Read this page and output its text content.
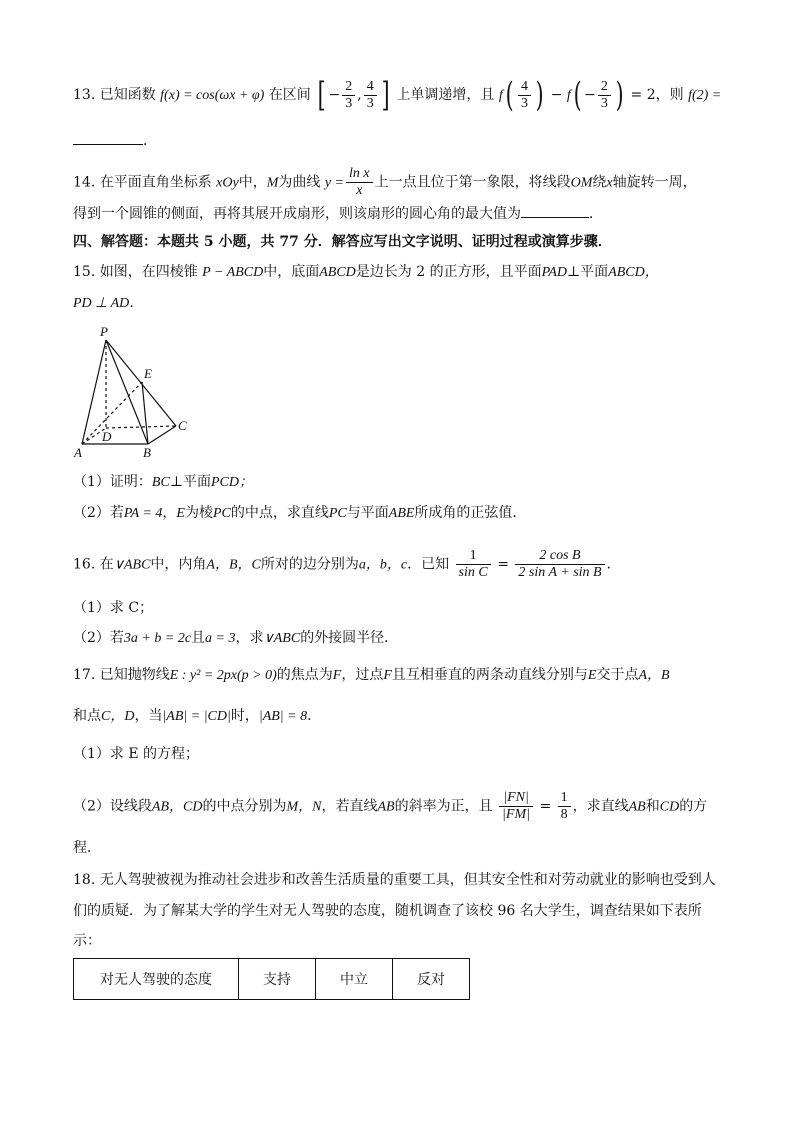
13. 已知函数 f(x) = cos(ωx + φ) 在区间 [ − $\frac{2}{3}$ , $\frac{4}{3}$ ] 上单调递增，且 $f( \frac{4}{3}$ ) − $f( - \frac{2}{3}$ ) = 2，则 f(2) =
．
14. 在平面直角坐标系 xOy中，M为曲线 $y = \frac{\text{ln x}}{x}$ 上一点且位于第一象限，将线段OM绕x轴旋转一周，
得到一个圆锥的侧面，再将其展开成扇形，则该扇形的圆心角的最大值为	．
四、解答题：本题共 5 小题，共 77 分．解答应写出文字说明、证明过程或演算步骤．
15. 如图，在四棱锥 P − ABCD中，底面ABCD是边长为 2 的正方形，且平面PAD⊥平面ABCD，
PD ⊥ AD．
P
E
D
C
A	B
（1）证明：BC⊥平面PCD；
（2）若PA = 4，E为棱PC的中点，求直线PC与平面ABE所成角的正弦值．
16. 在∨ABC中，内角A，B，C所对的边分别为a，b，c．已知 $\frac{1}{\text{sin C}} = \frac{\text{2 cos B}}{\text{2 sin A + sin B}}$ ．
（1）求 C；
（2）若3a + b = 2c且a = 3，求∨ABC的外接圆半径．
17. 已知抛物线E : y² = 2px(p > 0)的焦点为F，过点F且互相垂直的两条动直线分别与E交于点A，B
和点C，D，当|AB| = |CD|时，|AB| = 8．
（1）求 E 的方程；
（2）设线段AB，CD的中点分别为M，N，若直线AB的斜率为正，且 $\frac{|FN|}{|FM|} = \frac{1}{8}$ ，求直线AB和CD的方
程．
18. 无人驾驶被视为推动社会进步和改善生活质量的重要工具，但其安全性和对劳动就业的影响也受到人
们的质疑．为了解某大学的学生对无人驾驶的态度，随机调查了该校 96 名大学生，调查结果如下表所
示：
对无人驾驶的态度	支持	中立	反对
